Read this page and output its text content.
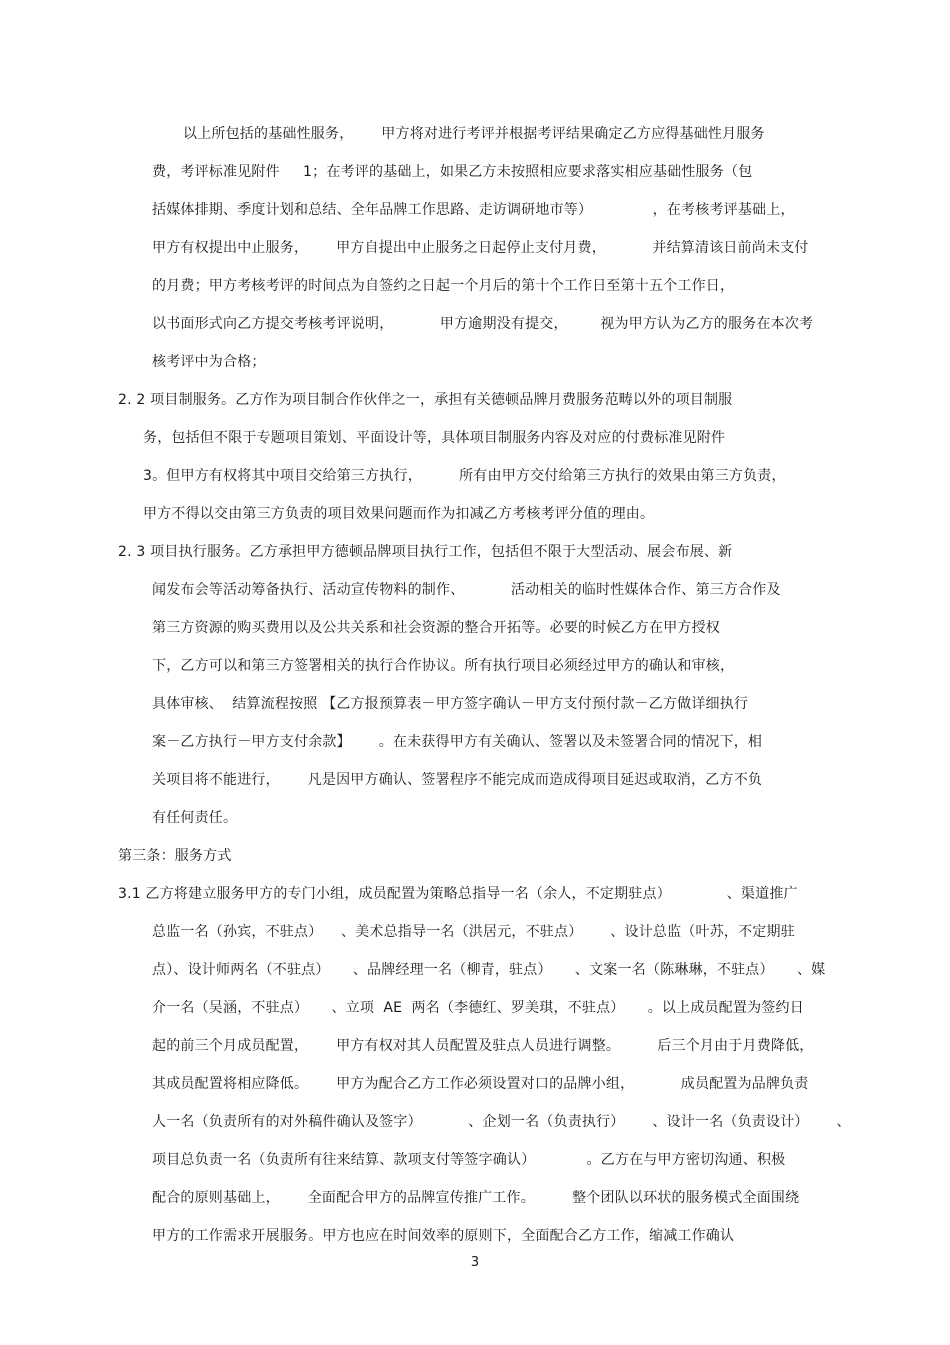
以上所包括的基础性服务，      甲方将对进行考评并根据考评结果确定乙方应得基础性月服务
费，考评标准见附件     1；在考评的基础上，如果乙方未按照相应要求落实相应基础性服务（包
括媒体排期、季度计划和总结、全年品牌工作思路、走访调研地市等）             ，在考核考评基础上，
甲方有权提出中止服务，      甲方自提出中止服务之日起停止支付月费，          并结算清该日前尚未支付
的月费；甲方考核考评的时间点为自签约之日起一个月后的第十个工作日至第十五个工作日，
以书面形式向乙方提交考核考评说明，          甲方逾期没有提交，       视为甲方认为乙方的服务在本次考
核考评中为合格；
2. 2 项目制服务。乙方作为项目制合作伙伴之一，承担有关德顿品牌月费服务范畴以外的项目制服
务，包括但不限于专题项目策划、平面设计等，具体项目制服务内容及对应的付费标准见附件
3。但甲方有权将其中项目交给第三方执行，        所有由甲方交付给第三方执行的效果由第三方负责，
甲方不得以交由第三方负责的项目效果问题而作为扣减乙方考核考评分值的理由。
2. 3 项目执行服务。乙方承担甲方德顿品牌项目执行工作，包括但不限于大型活动、展会布展、新
闻发布会等活动筹备执行、活动宣传物料的制作、          活动相关的临时性媒体合作、第三方合作及
第三方资源的购买费用以及公共关系和社会资源的整合开拓等。必要的时候乙方在甲方授权
下，乙方可以和第三方签署相关的执行合作协议。所有执行项目必须经过甲方的确认和审核，
具体审核、  结算流程按照 【乙方报预算表－甲方签字确认－甲方支付预付款－乙方做详细执行
案－乙方执行－甲方支付余款】      。在未获得甲方有关确认、签署以及未签署合同的情况下，相
关项目将不能进行，      凡是因甲方确认、签署程序不能完成而造成得项目延迟或取消，乙方不负
有任何责任。
第三条：服务方式
3.1 乙方将建立服务甲方的专门小组，成员配置为策略总指导一名（余人，不定期驻点）            、渠道推广
总监一名（孙宾，不驻点）    、美术总指导一名（洪居元，不驻点）      、设计总监（叶苏，不定期驻
点）、设计师两名（不驻点）     、品牌经理一名（柳青，驻点）     、文案一名（陈琳琳，不驻点）     、媒
介一名（吴涵，不驻点）     、立项  AE  两名（李德红、罗美琪，不驻点）     。以上成员配置为签约日
起的前三个月成员配置，      甲方有权对其人员配置及驻点人员进行调整。        后三个月由于月费降低，
其成员配置将相应降低。      甲方为配合乙方工作必须设置对口的品牌小组，          成员配置为品牌负责
人一名（负责所有的对外稿件确认及签字）          、企划一名（负责执行）      、设计一名（负责设计）      、
项目总负责一名（负责所有往来结算、款项支付等签字确认）           。乙方在与甲方密切沟通、积极
配合的原则基础上，      全面配合甲方的品牌宣传推广工作。        整个团队以环状的服务模式全面围绕
甲方的工作需求开展服务。甲方也应在时间效率的原则下，全面配合乙方工作，缩减工作确认
3
